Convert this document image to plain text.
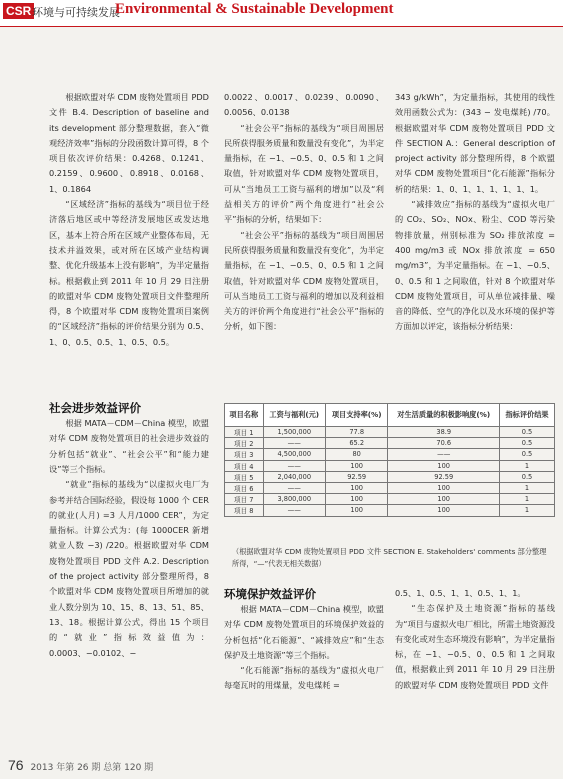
CSR 环境与可持续发展
Environmental & Sustainable Development

根据欧盟对华 CDM 废物处置项目 PDD 文件 B.4. Description of baseline and its development 部分整理数据，套入“微观经济效率”指标的分段函数计算可得，8 个项目依次评价结果：0.4268、0.1241、0.2159、0.9600、0.8918、0.0168、1、0.1864

“区域经济”指标的基线为“项目位于经济落后地区或中等经济发展地区或发达地区，基本上符合所在区域产业整体布局，无技术并溢效果，或对所在区域产业结构调整、优化升级基本上没有影响”，为半定量指标。根据截止到 2011 年 10 月 29 日注册的欧盟对华 CDM 废物处置项目文件整理所得，8 个欧盟对华 CDM 废物处置项目案例的“区域经济”指标的评价结果分别为 0.5、1、0、0.5、0.5、1、0.5、0.5。

社会进步效益评价

根据 MATA－CDM－China 模型，欧盟对华 CDM 废物处置项目的社会进步效益的分析包括“就业”、“社会公平”和“能力建设”等三个指标。

“就业”指标的基线为“以虚拟火电厂为参考并结合国际经验，假设每 1000 个 CER 的就业(人月) =3 人月/1000 CER”，为定量指标。计算公式为：(每 1000CER 新增就业人数 −3) /220。根据欧盟对华 CDM 废物处置项目 PDD 文件 A.2. Description of the project activity 部分整理所得，8 个欧盟对华 CDM 废物处置项目所增加的就业人数分别为 10、15、8、13、51、85、13、18。根据计算公式，得出 15 个项目的“就业”指标效益值为：0.0003、−0.0102、−

0.0022、0.0017、0.0239、0.0090、0.0056、0.0138

“社会公平”指标的基线为“项目周围居民所获得服务质量和数量没有变化”，为半定量指标，在 −1、−0.5、0、0.5 和 1 之间取值，针对欧盟对华 CDM 废物处置项目，可从“当地员工工资与福利的增加”以及“利益相关方的评价”两个角度进行“社会公平”指标的分析，结果如下：

“社会公平”指标的基线为“项目周围居民所获得服务质量和数量没有变化”，为半定量指标，在 −1、−0.5、0、0.5 和 1 之间取值，针对欧盟对华 CDM 废物处置项目，可从当地员工工资与福利的增加以及利益相关方的评价两个角度进行“社会公平”指标的分析，如下图：

343 g/kWh”，为定量指标，其使用的线性效用函数公式为：(343 − 发电煤耗) /70。根据欧盟对华 CDM 废物处置项目 PDD 文件 SECTION A.：General description of project activity 部分整理所得，8 个欧盟对华 CDM 废物处置项目“化石能源”指标分析的结果：1、0、1、1、1、1、1、1。

“减排效应”指标的基线为“虚拟火电厂的 CO₂、SO₂、NOx、粉尘、COD 等污染物排放量，州别标准为 SO₂ 排放浓度 = 400 mg/m3 或 NOx 排放浓度 = 650 mg/m3”，为半定量指标。在 −1、−0.5、0、0.5 和 1 之间取值，针对 8 个欧盟对华 CDM 废物处置项目，可从单位减排量、噪音的降低、空气的净化以及水环境的保护等方面加以评定，该指标分析结果：

项目名称	工资与福利(元)	项目支持率(%)	对生活质量的积极影响度(%)	指标评价结果
项目 1	1,500,000	77.8	38.9	0.5
项目 2	——	65.2	70.6	0.5
项目 3	4,500,000	80	——	0.5
项目 4	——	100	100	1
项目 5	2,040,000	92.59	92.59	0.5
项目 6	——	100	100	1
项目 7	3,800,000	100	100	1
项目 8	——	100	100	1
（根据欧盟对华 CDM 废物处置项目 PDD 文件 SECTION E. Stakeholders' comments 部分整理所得，“—”代表无相关数据）

环境保护效益评价

根据 MATA－CDM－China 模型，欧盟对华 CDM 废物处置项目的环境保护效益的分析包括“化石能源”、“减排效应”和“生态保护及土地资源”等三个指标。

“化石能源”指标的基线为“虚拟火电厂每毫瓦时的用煤量，发电煤耗 =

0.5、1、0.5、1、1、0.5、1、1。

“生态保护及土地资源”指标的基线为“项目与虚拟火电厂相比，所需土地资源没有变化或对生态环境没有影响”，为半定量指标，在 −1、−0.5、0、0.5 和 1 之间取值，根据截止到 2011 年 10 月 29 日注册的欧盟对华 CDM 废物处置项目 PDD 文件

76 2013 年第 26 期 总第 120 期
